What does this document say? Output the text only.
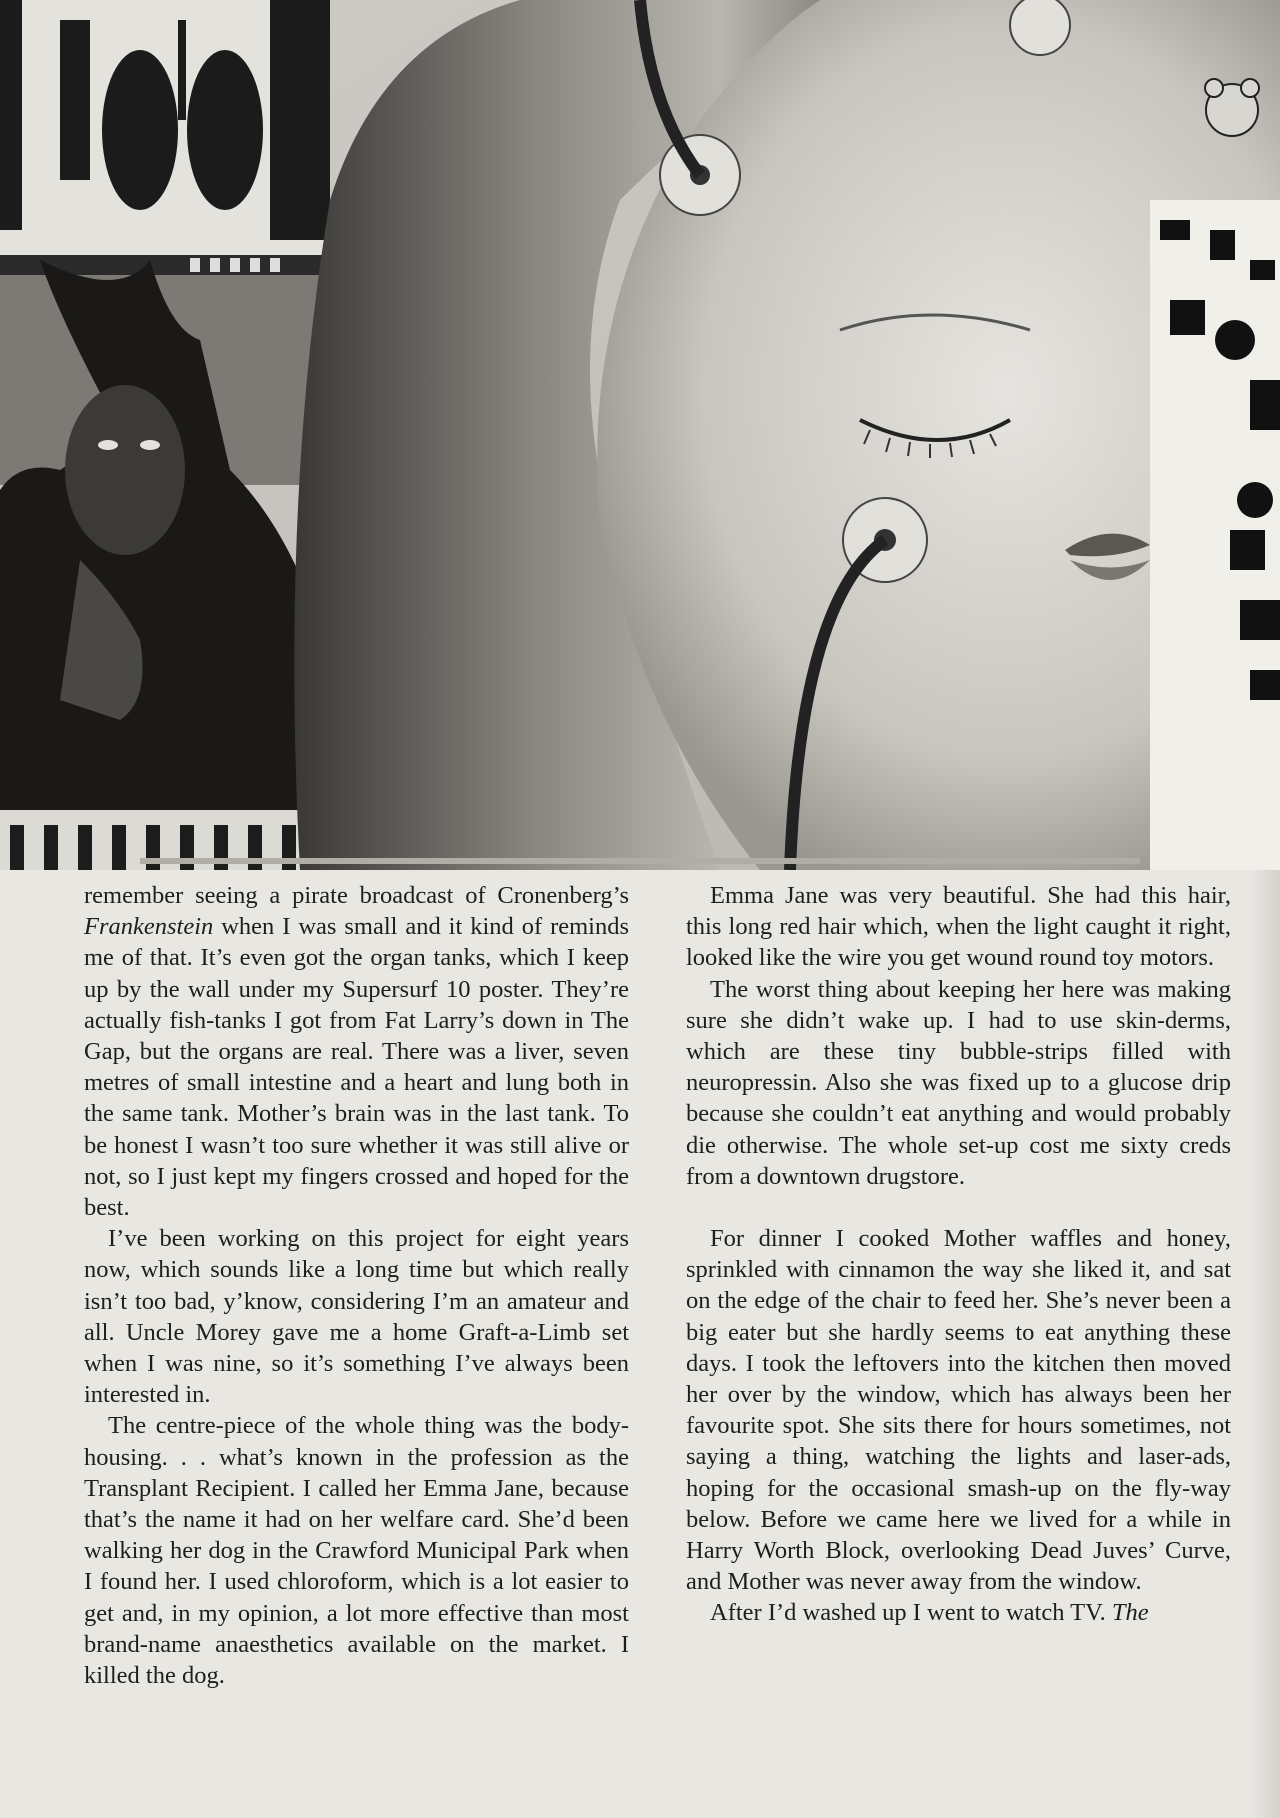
remember seeing a pirate broadcast of Cronenberg’s Frankenstein when I was small and it kind of reminds me of that. It’s even got the organ tanks, which I keep up by the wall under my Supersurf 10 poster. They’re actually fish-tanks I got from Fat Larry’s down in The Gap, but the organs are real. There was a liver, seven metres of small intestine and a heart and lung both in the same tank. Mother’s brain was in the last tank. To be honest I wasn’t too sure whether it was still alive or not, so I just kept my fingers crossed and hoped for the best.

I’ve been working on this project for eight years now, which sounds like a long time but which really isn’t too bad, y’know, considering I’m an amateur and all. Uncle Morey gave me a home Graft-a-Limb set when I was nine, so it’s something I’ve always been interested in.

The centre-piece of the whole thing was the body-housing. . . what’s known in the profession as the Transplant Recipient. I called her Emma Jane, because that’s the name it had on her welfare card. She’d been walking her dog in the Crawford Municipal Park when I found her. I used chloroform, which is a lot easier to get and, in my opinion, a lot more effective than most brand-name anaesthetics available on the market. I killed the dog.

Emma Jane was very beautiful. She had this hair, this long red hair which, when the light caught it right, looked like the wire you get wound round toy motors.

The worst thing about keeping her here was making sure she didn’t wake up. I had to use skin-derms, which are these tiny bubble-strips filled with neuropressin. Also she was fixed up to a glucose drip because she couldn’t eat anything and would probably die otherwise. The whole set-up cost me sixty creds from a downtown drugstore.

For dinner I cooked Mother waffles and honey, sprinkled with cinnamon the way she liked it, and sat on the edge of the chair to feed her. She’s never been a big eater but she hardly seems to eat anything these days. I took the leftovers into the kitchen then moved her over by the window, which has always been her favourite spot. She sits there for hours sometimes, not saying a thing, watching the lights and laser-ads, hoping for the occasional smash-up on the fly-way below. Before we came here we lived for a while in Harry Worth Block, overlooking Dead Juves’ Curve, and Mother was never away from the window.

After I’d washed up I went to watch TV. The
